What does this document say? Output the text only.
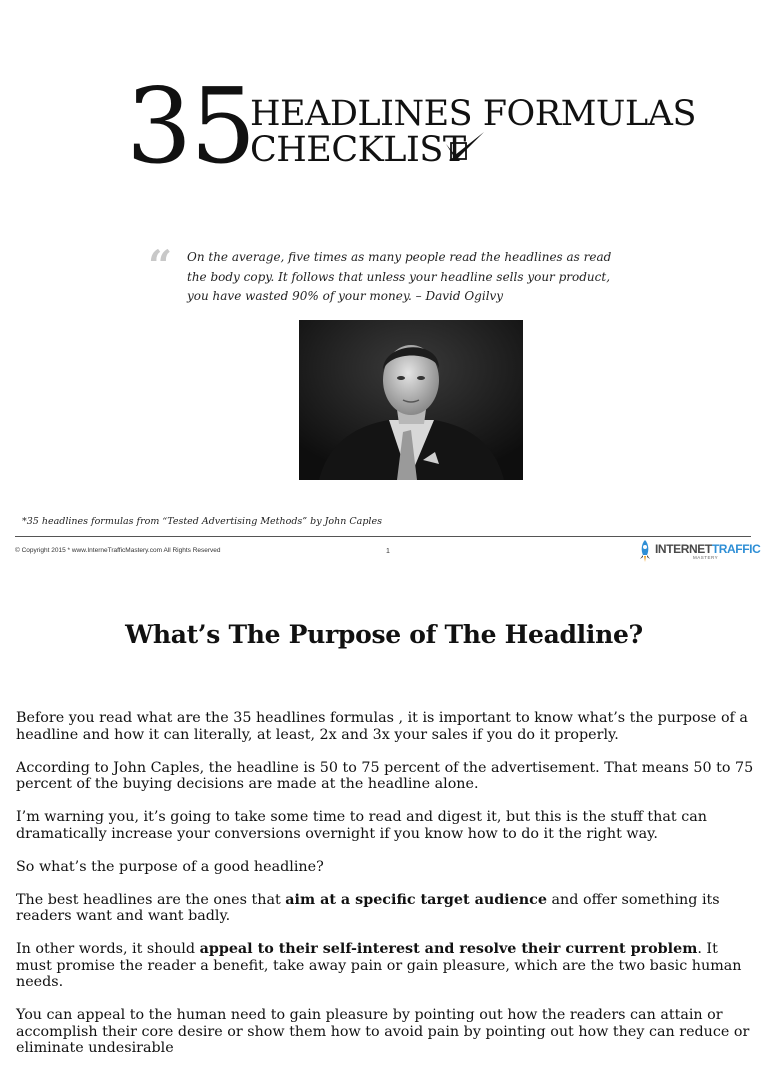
35
HEADLINES FORMULAS
CHECKLIST
“ On the average, five times as many people read the headlines as read the body copy. It follows that unless your headline sells your product, you have wasted 90% of your money. – David Ogilvy
*35 headlines formulas from “Tested Advertising Methods” by John Caples
© Copyright 2015 * www.InterneTrafficMastery.com All Rights Reserved	1	INTERNETTRAFFIC
MASTERY
What’s The Purpose of The Headline?

Before you read what are the 35 headlines formulas , it is important to know what’s the purpose of a headline and how it can literally, at least, 2x and 3x your sales if you do it properly.

According to John Caples, the headline is 50 to 75 percent of the advertisement. That means 50 to 75 percent of the buying decisions are made at the headline alone.

I’m warning you, it’s going to take some time to read and digest it, but this is the stuff that can dramatically increase your conversions overnight if you know how to do it the right way.

So what’s the purpose of a good headline?

The best headlines are the ones that aim at a specific target audience and offer something its readers want and want badly.

In other words, it should appeal to their self-interest and resolve their current problem. It must promise the reader a benefit, take away pain or gain pleasure, which are the two basic human needs.

You can appeal to the human need to gain pleasure by pointing out how the readers can attain or accomplish their core desire or show them how to avoid pain by pointing out how they can reduce or eliminate undesirable
